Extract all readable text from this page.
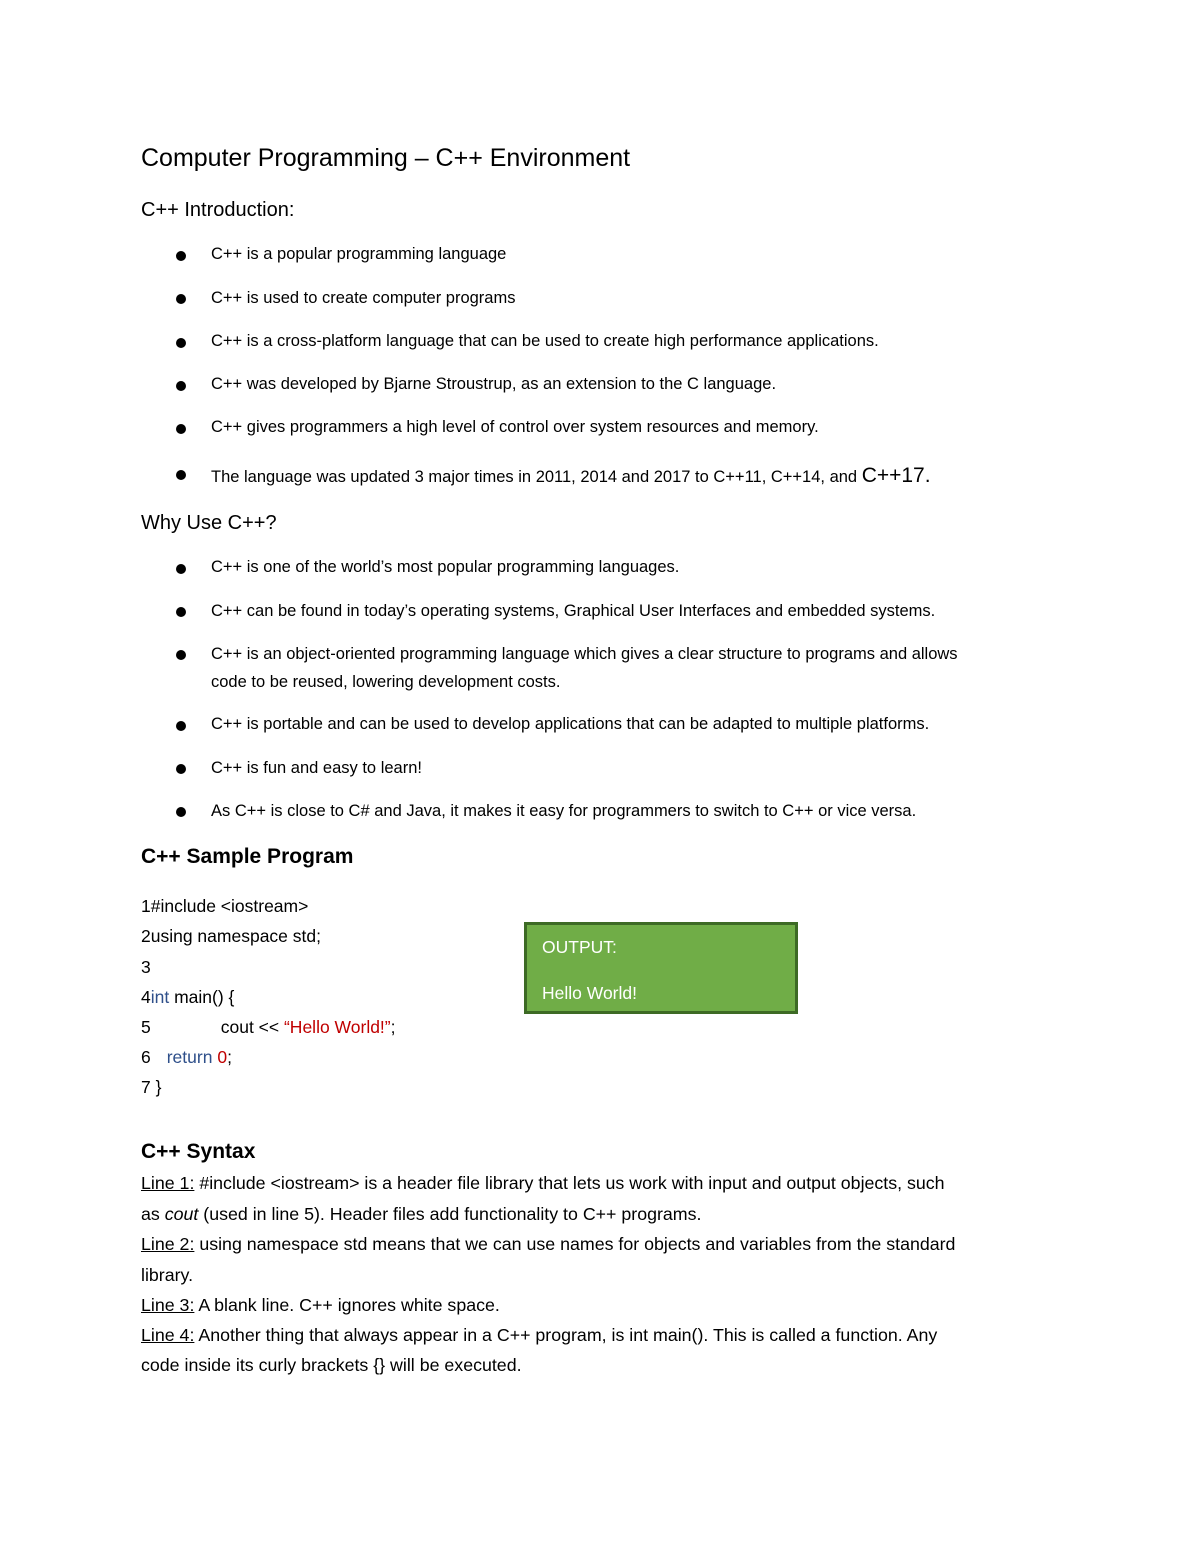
Computer Programming – C++ Environment
C++ Introduction:
C++ is a popular programming language
C++ is used to create computer programs
C++ is a cross-platform language that can be used to create high performance applications.
C++ was developed by Bjarne Stroustrup, as an extension to the C language.
C++ gives programmers a high level of control over system resources and memory.
The language was updated 3 major times in 2011, 2014 and 2017 to C++11, C++14, and C++17.
Why Use C++?
C++ is one of the world’s most popular programming languages.
C++ can be found in today’s operating systems, Graphical User Interfaces and embedded systems.
C++ is an object-oriented programming language which gives a clear structure to programs and allows
code to be reused, lowering development costs.
C++ is portable and can be used to develop applications that can be adapted to multiple platforms.
C++ is fun and easy to learn!
As C++ is close to C# and Java, it makes it easy for programmers to switch to C++ or vice versa.
C++ Sample Program
1#include <iostream>
2using namespace std;
3
4int main() {
5	cout << “Hello World!”;
6 return 0;
7 }
OUTPUT:
Hello World!
C++ Syntax
Line 1: #include <iostream> is a header file library that lets us work with input and output objects, such
as cout (used in line 5). Header files add functionality to C++ programs.
Line 2: using namespace std means that we can use names for objects and variables from the standard
library.
Line 3: A blank line. C++ ignores white space.
Line 4: Another thing that always appear in a C++ program, is int main(). This is called a function. Any
code inside its curly brackets {} will be executed.
